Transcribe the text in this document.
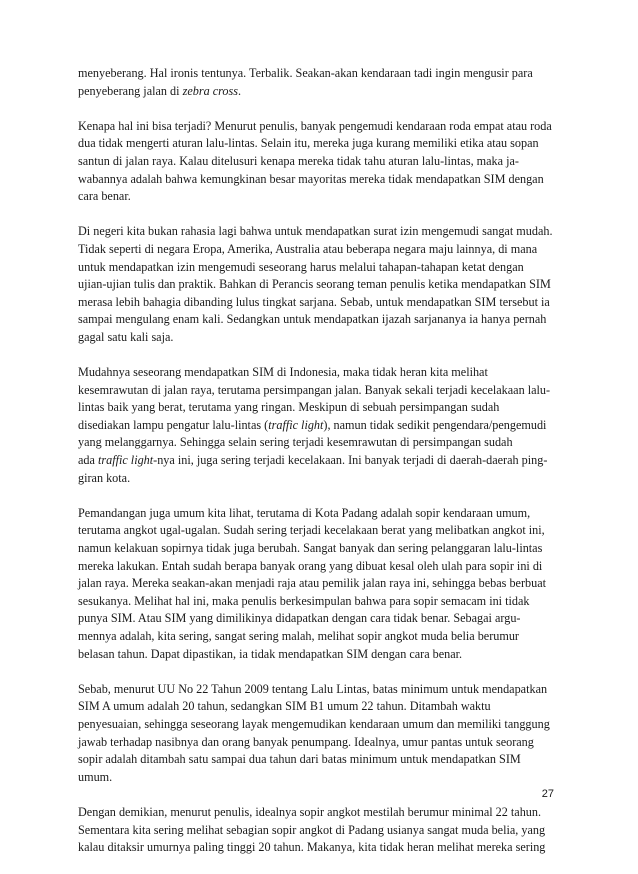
menyeberang. Hal ironis tentunya. Terbalik. Seakan-akan kendaraan tadi ingin mengusir para
penyeberang jalan di zebra cross.
Kenapa hal ini bisa terjadi? Menurut penulis, banyak pengemudi kendaraan roda empat atau roda
dua tidak mengerti aturan lalu-lintas. Selain itu, mereka juga kurang memiliki etika atau sopan
santun di jalan raya. Kalau ditelusuri kenapa mereka tidak tahu aturan lalu-lintas, maka ja-
wabannya adalah bahwa kemungkinan besar mayoritas mereka tidak mendapatkan SIM dengan
cara benar.
Di negeri kita bukan rahasia lagi bahwa untuk mendapatkan surat izin mengemudi sangat mudah.
Tidak seperti di negara Eropa, Amerika, Australia atau beberapa negara maju lainnya, di mana
untuk mendapatkan izin mengemudi seseorang harus melalui tahapan-tahapan ketat dengan
ujian-ujian tulis dan praktik. Bahkan di Perancis seorang teman penulis ketika mendapatkan SIM
merasa lebih bahagia dibanding lulus tingkat sarjana. Sebab, untuk mendapatkan SIM tersebut ia
sampai mengulang enam kali. Sedangkan untuk mendapatkan ijazah sarjananya ia hanya pernah
gagal satu kali saja.
Mudahnya seseorang mendapatkan SIM di Indonesia, maka tidak heran kita melihat
kesemrawutan di jalan raya, terutama persimpangan jalan. Banyak sekali terjadi kecelakaan lalu-
lintas baik yang berat, terutama yang ringan. Meskipun di sebuah persimpangan sudah
disediakan lampu pengatur lalu-lintas (traffic light), namun tidak sedikit pengendara/pengemudi
yang melanggarnya. Sehingga selain sering terjadi kesemrawutan di persimpangan sudah
ada traffic light-nya ini, juga sering terjadi kecelakaan. Ini banyak terjadi di daerah-daerah ping-
giran kota.
Pemandangan juga umum kita lihat, terutama di Kota Padang adalah sopir kendaraan umum,
terutama angkot ugal-ugalan. Sudah sering terjadi kecelakaan berat yang melibatkan angkot ini,
namun kelakuan sopirnya tidak juga berubah. Sangat banyak dan sering pelanggaran lalu-lintas
mereka lakukan. Entah sudah berapa banyak orang yang dibuat kesal oleh ulah para sopir ini di
jalan raya. Mereka seakan-akan menjadi raja atau pemilik jalan raya ini, sehingga bebas berbuat
sesukanya. Melihat hal ini, maka penulis berkesimpulan bahwa para sopir semacam ini tidak
punya SIM. Atau SIM yang dimilikinya didapatkan dengan cara tidak benar. Sebagai argu-
mennya adalah, kita sering, sangat sering malah, melihat sopir angkot muda belia berumur
belasan tahun. Dapat dipastikan, ia tidak mendapatkan SIM dengan cara benar.
Sebab, menurut UU No 22 Tahun 2009 tentang Lalu Lintas, batas minimum untuk mendapatkan
SIM A umum adalah 20 tahun, sedangkan SIM B1 umum 22 tahun. Ditambah waktu
penyesuaian, sehingga seseorang layak mengemudikan kendaraan umum dan memiliki tanggung
jawab terhadap nasibnya dan orang banyak penumpang. Idealnya, umur pantas untuk seorang
sopir adalah ditambah satu sampai dua tahun dari batas minimum untuk mendapatkan SIM
umum.
Dengan demikian, menurut penulis, idealnya sopir angkot mestilah berumur minimal 22 tahun.
Sementara kita sering melihat sebagian sopir angkot di Padang usianya sangat muda belia, yang
kalau ditaksir umurnya paling tinggi 20 tahun. Makanya, kita tidak heran melihat mereka sering
27
